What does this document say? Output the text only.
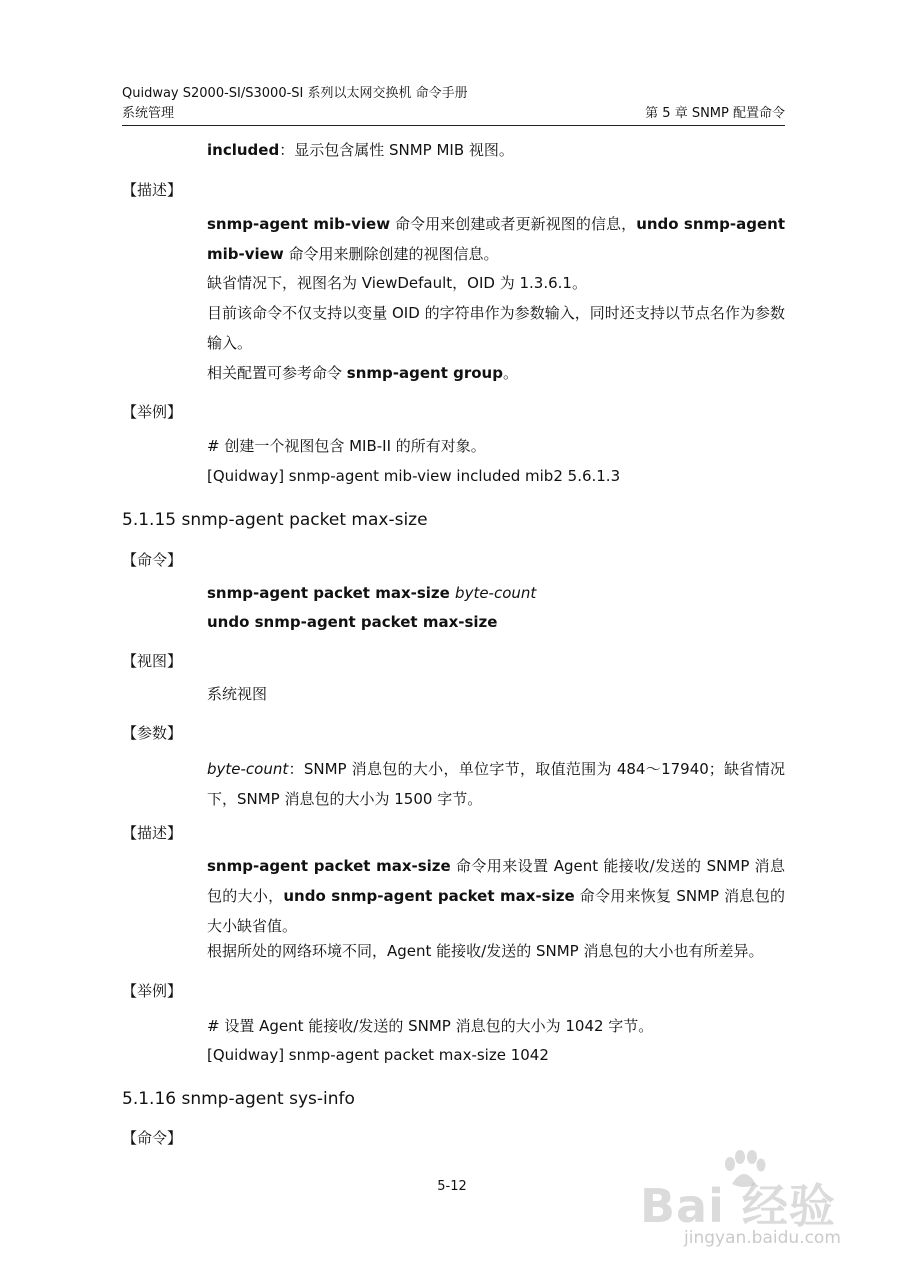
Quidway S2000-SI/S3000-SI 系列以太网交换机 命令手册
系统管理	第 5 章 SNMP 配置命令
included：显示包含属性 SNMP MIB 视图。
【描述】
snmp-agent mib-view 命令用来创建或者更新视图的信息，undo snmp-agent mib-view 命令用来删除创建的视图信息。
缺省情况下，视图名为 ViewDefault，OID 为 1.3.6.1。
目前该命令不仅支持以变量 OID 的字符串作为参数输入，同时还支持以节点名作为参数输入。
相关配置可参考命令 snmp-agent group。
【举例】
# 创建一个视图包含 MIB-II 的所有对象。
[Quidway] snmp-agent mib-view included mib2 5.6.1.3
5.1.15 snmp-agent packet max-size
【命令】
snmp-agent packet max-size byte-count
undo snmp-agent packet max-size
【视图】
系统视图
【参数】
byte-count：SNMP 消息包的大小，单位字节，取值范围为 484～17940；缺省情况下，SNMP 消息包的大小为 1500 字节。
【描述】
snmp-agent packet max-size 命令用来设置 Agent 能接收/发送的 SNMP 消息包的大小，undo snmp-agent packet max-size 命令用来恢复 SNMP 消息包的大小缺省值。
根据所处的网络环境不同，Agent 能接收/发送的 SNMP 消息包的大小也有所差异。
【举例】
# 设置 Agent 能接收/发送的 SNMP 消息包的大小为 1042 字节。
[Quidway] snmp-agent packet max-size 1042
5.1.16 snmp-agent sys-info
【命令】
5-12	Bai 经验
jingyan.baidu.com
